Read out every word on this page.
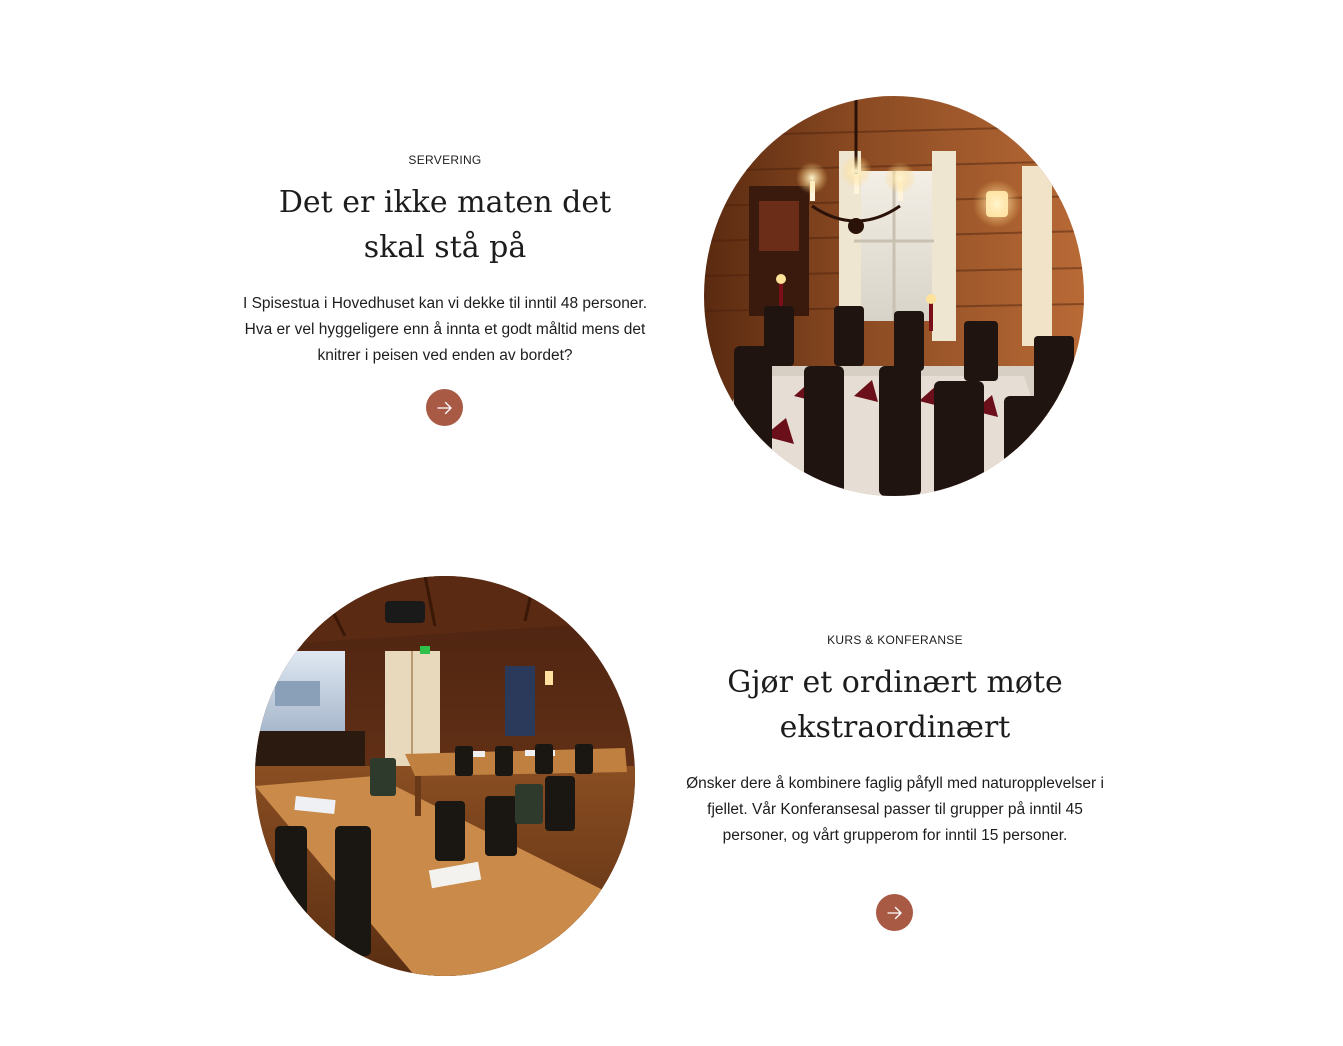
SERVERING

Det er ikke maten det skal stå på

I Spisestua i Hovedhuset kan vi dekke til inntil 48 personer. Hva er vel hyggeligere enn å innta et godt måltid mens det knitrer i peisen ved enden av bordet?

KURS & KONFERANSE

Gjør et ordinært møte ekstraordinært

Ønsker dere å kombinere faglig påfyll med naturopplevelser i fjellet. Vår Konferansesal passer til grupper på inntil 45 personer, og vårt grupperom for inntil 15 personer.
